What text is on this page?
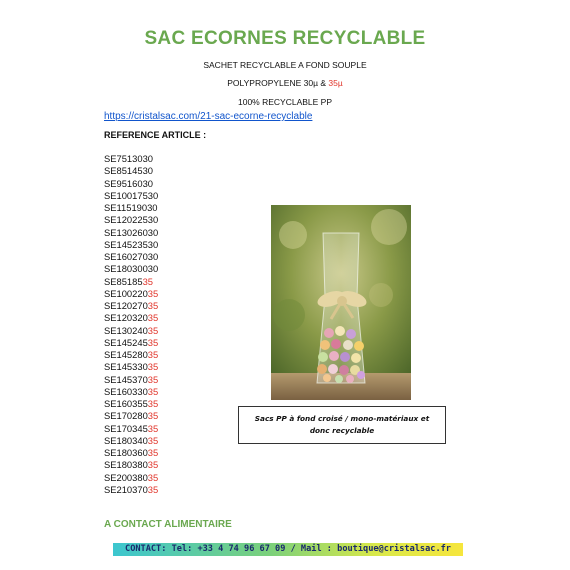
SAC ECORNES RECYCLABLE
SACHET RECYCLABLE A FOND SOUPLE
POLYPROPYLENE 30µ & 35µ
100% RECYCLABLE PP
https://cristalsac.com/21-sac-ecorne-recyclable
REFERENCE ARTICLE :
SE7513030
SE8514530
SE9516030
SE10017530
SE11519030
SE12022530
SE13026030
SE14523530
SE16027030
SE18030030
SE8518535
SE10022035
SE12027035
SE12032035
SE13024035
SE14524535
SE14528035
SE14533035
SE14537035
SE16033035
SE16035535
SE17028035
SE17034535
SE18034035
SE18036035
SE18038035
SE20038035
SE21037035
Sacs PP à fond croisé / mono-matériaux et
donc recyclable
A CONTACT ALIMENTAIRE
CONTACT: Tel: +33 4 74 96 67 09 / Mail : boutique@cristalsac.fr
